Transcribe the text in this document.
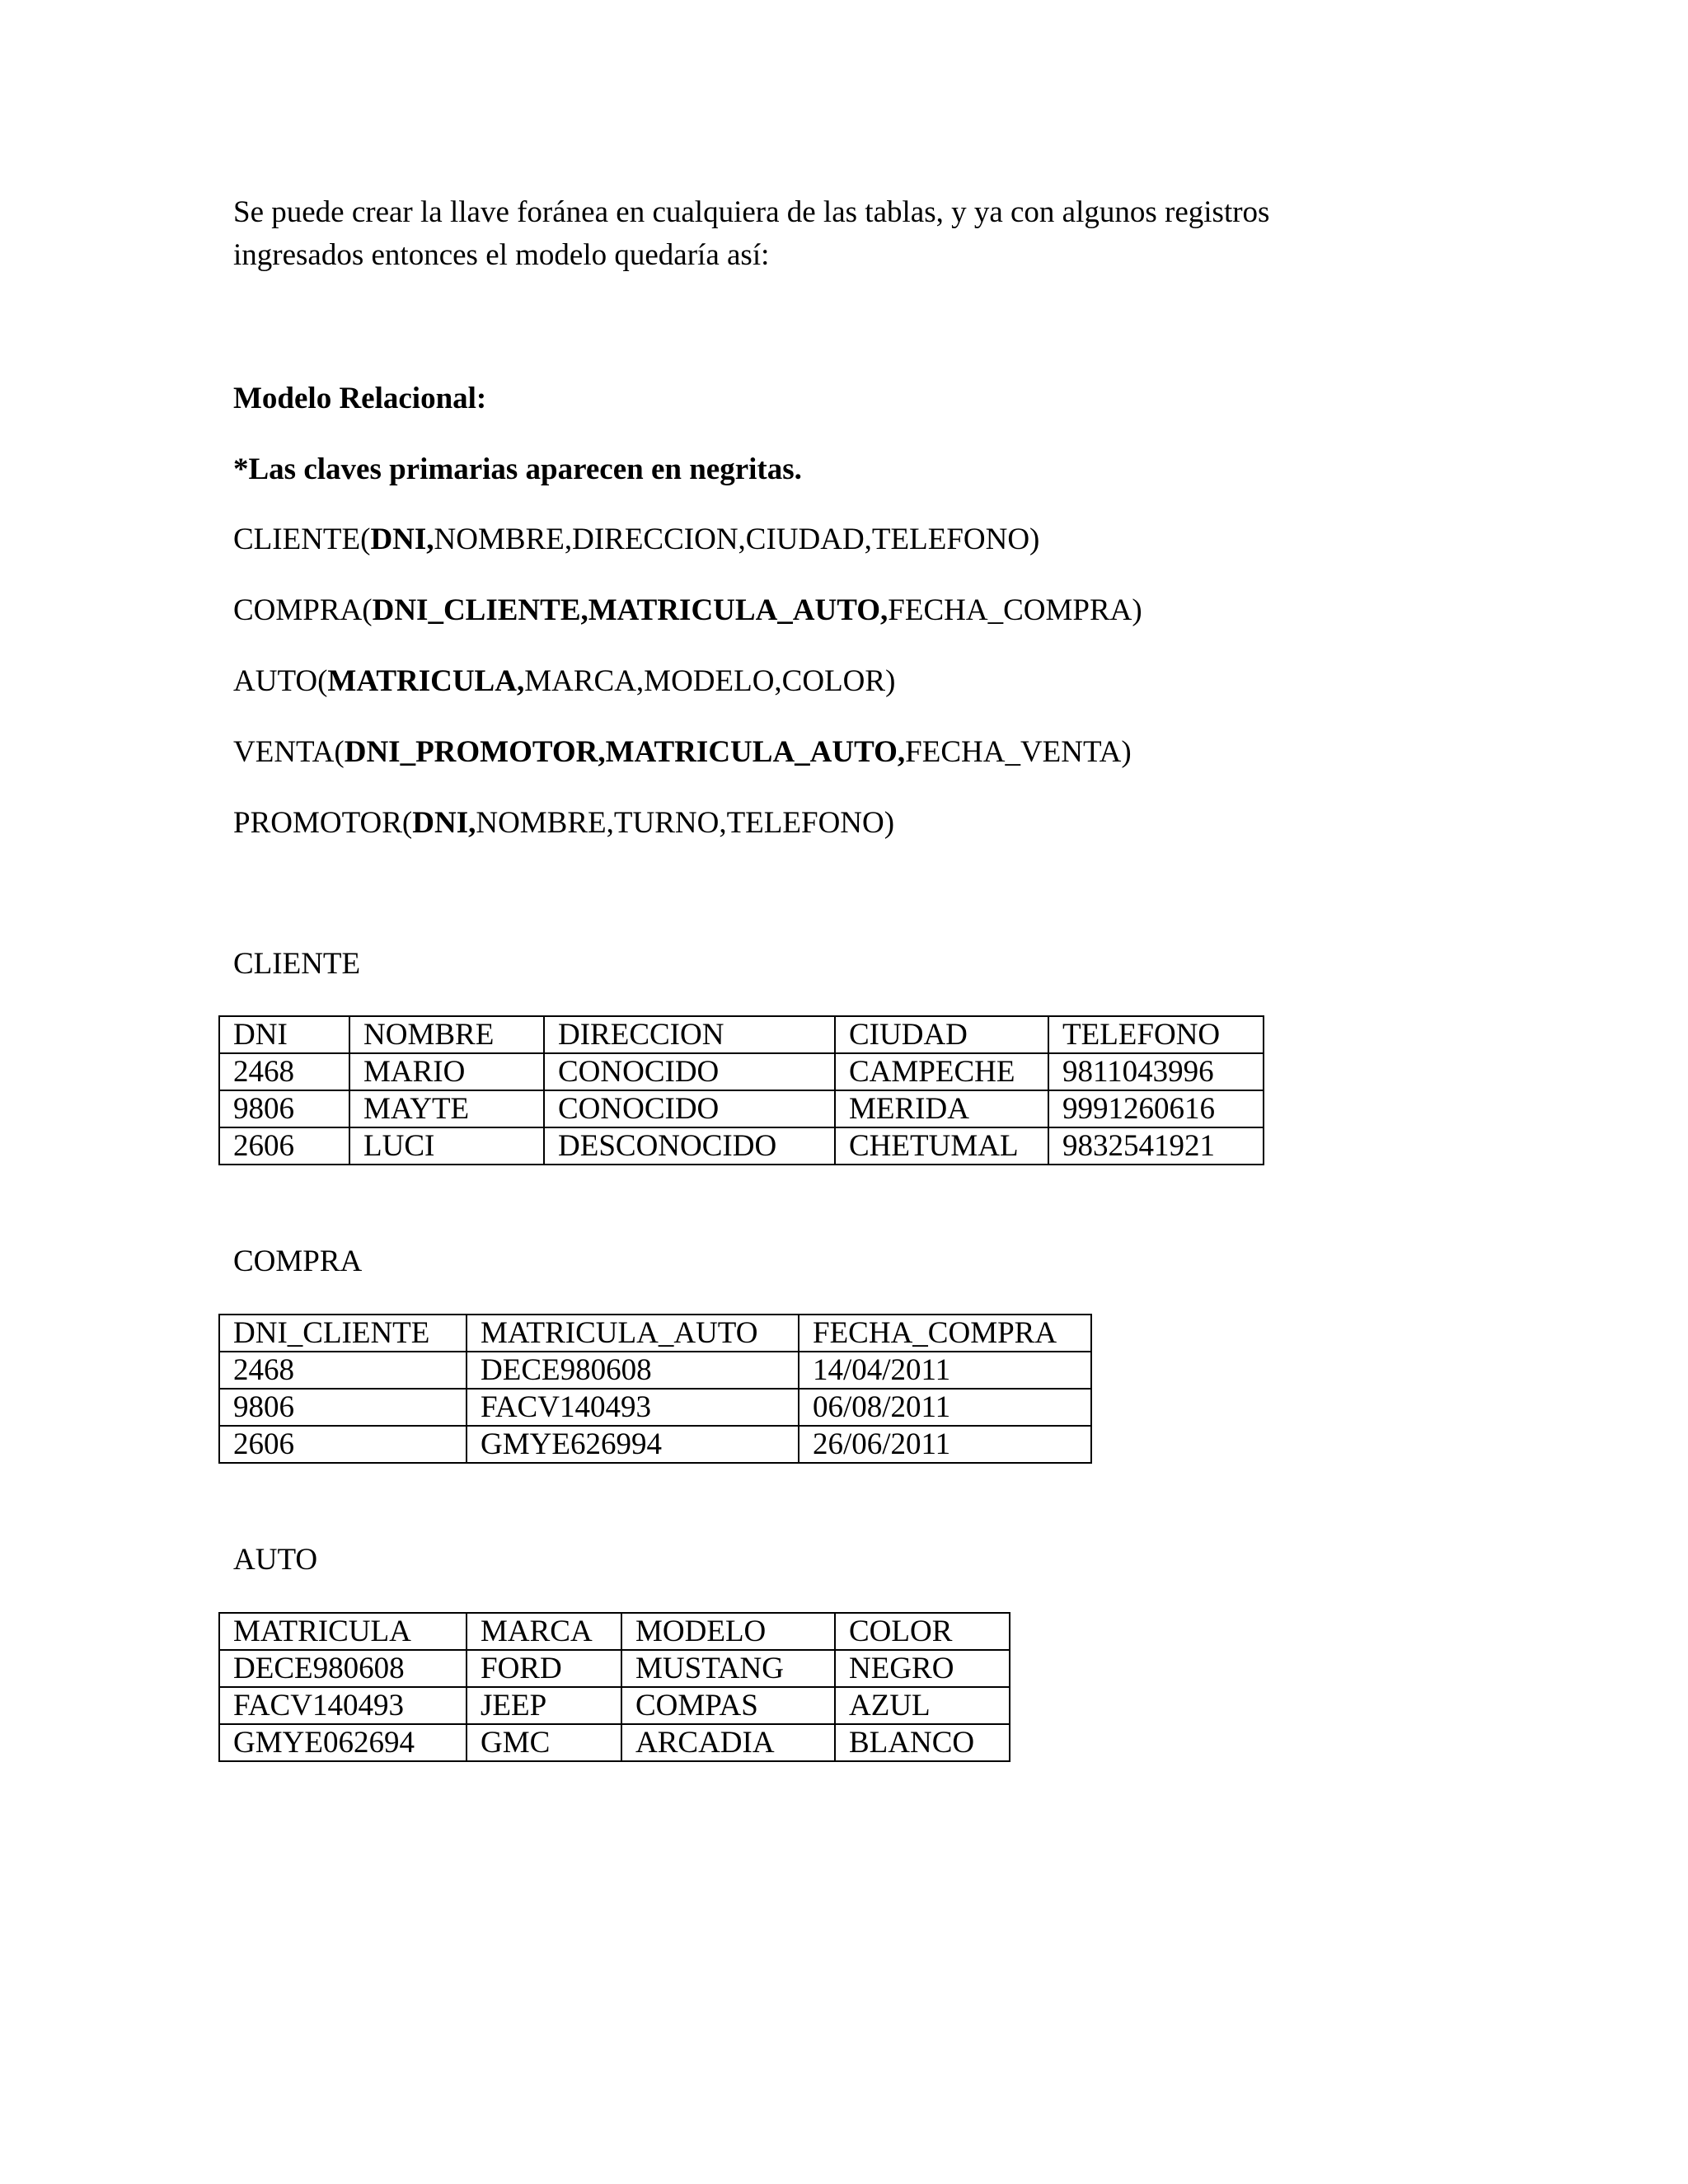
Se puede crear la llave foránea en cualquiera de las tablas, y ya con algunos registros
ingresados entonces el modelo quedaría así:
Modelo Relacional:
*Las claves primarias aparecen en negritas.
CLIENTE(DNI,NOMBRE,DIRECCION,CIUDAD,TELEFONO)
COMPRA(DNI_CLIENTE,MATRICULA_AUTO,FECHA_COMPRA)
AUTO(MATRICULA,MARCA,MODELO,COLOR)
VENTA(DNI_PROMOTOR,MATRICULA_AUTO,FECHA_VENTA)
PROMOTOR(DNI,NOMBRE,TURNO,TELEFONO)
CLIENTE
DNI	NOMBRE	DIRECCION	CIUDAD	TELEFONO
2468	MARIO	CONOCIDO	CAMPECHE	9811043996
9806	MAYTE	CONOCIDO	MERIDA	9991260616
2606	LUCI	DESCONOCIDO	CHETUMAL	9832541921
COMPRA
DNI_CLIENTE	MATRICULA_AUTO	FECHA_COMPRA
2468	DECE980608	14/04/2011
9806	FACV140493	06/08/2011
2606	GMYE626994	26/06/2011
AUTO
MATRICULA	MARCA	MODELO	COLOR
DECE980608	FORD	MUSTANG	NEGRO
FACV140493	JEEP	COMPAS	AZUL
GMYE062694	GMC	ARCADIA	BLANCO
